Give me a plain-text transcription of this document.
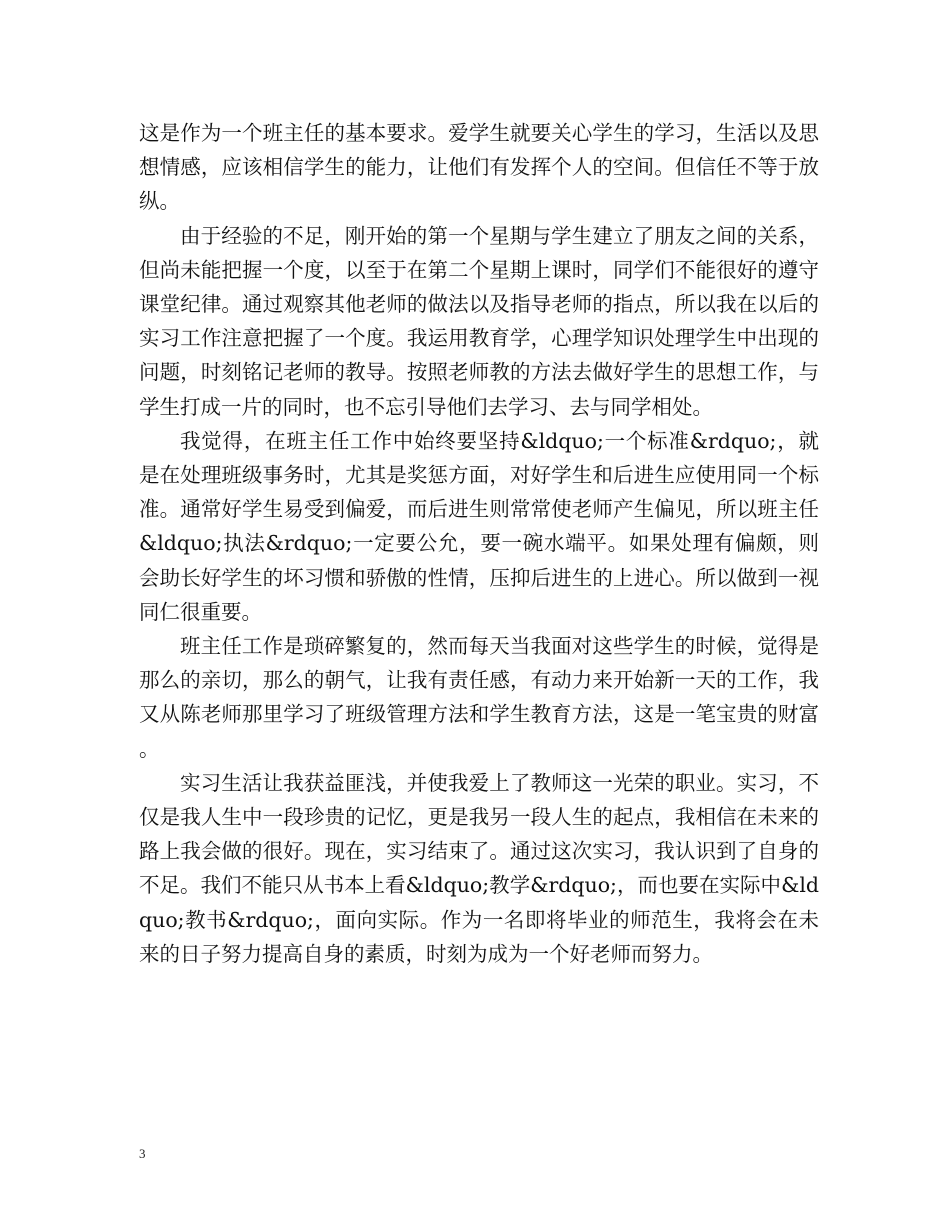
这是作为一个班主任的基本要求。爱学生就要关心学生的学习，生活以及思想情感，应该相信学生的能力，让他们有发挥个人的空间。但信任不等于放纵。

由于经验的不足，刚开始的第一个星期与学生建立了朋友之间的关系，但尚未能把握一个度，以至于在第二个星期上课时，同学们不能很好的遵守课堂纪律。通过观察其他老师的做法以及指导老师的指点，所以我在以后的实习工作注意把握了一个度。我运用教育学，心理学知识处理学生中出现的问题，时刻铭记老师的教导。按照老师教的方法去做好学生的思想工作，与学生打成一片的同时，也不忘引导他们去学习、去与同学相处。

我觉得，在班主任工作中始终要坚持&ldquo;一个标准&rdquo;，就是在处理班级事务时，尤其是奖惩方面，对好学生和后进生应使用同一个标准。通常好学生易受到偏爱，而后进生则常常使老师产生偏见，所以班主任&ldquo;执法&rdquo;一定要公允，要一碗水端平。如果处理有偏颇，则会助长好学生的坏习惯和骄傲的性情，压抑后进生的上进心。所以做到一视同仁很重要。

班主任工作是琐碎繁复的，然而每天当我面对这些学生的时候，觉得是那么的亲切，那么的朝气，让我有责任感，有动力来开始新一天的工作，我又从陈老师那里学习了班级管理方法和学生教育方法，这是一笔宝贵的财富。

实习生活让我获益匪浅，并使我爱上了教师这一光荣的职业。实习，不仅是我人生中一段珍贵的记忆，更是我另一段人生的起点，我相信在未来的路上我会做的很好。现在，实习结束了。通过这次实习，我认识到了自身的不足。我们不能只从书本上看&ldquo;教学&rdquo;，而也要在实际中&ldquo;教书&rdquo;，面向实际。作为一名即将毕业的师范生，我将会在未来的日子努力提高自身的素质，时刻为成为一个好老师而努力。

3
